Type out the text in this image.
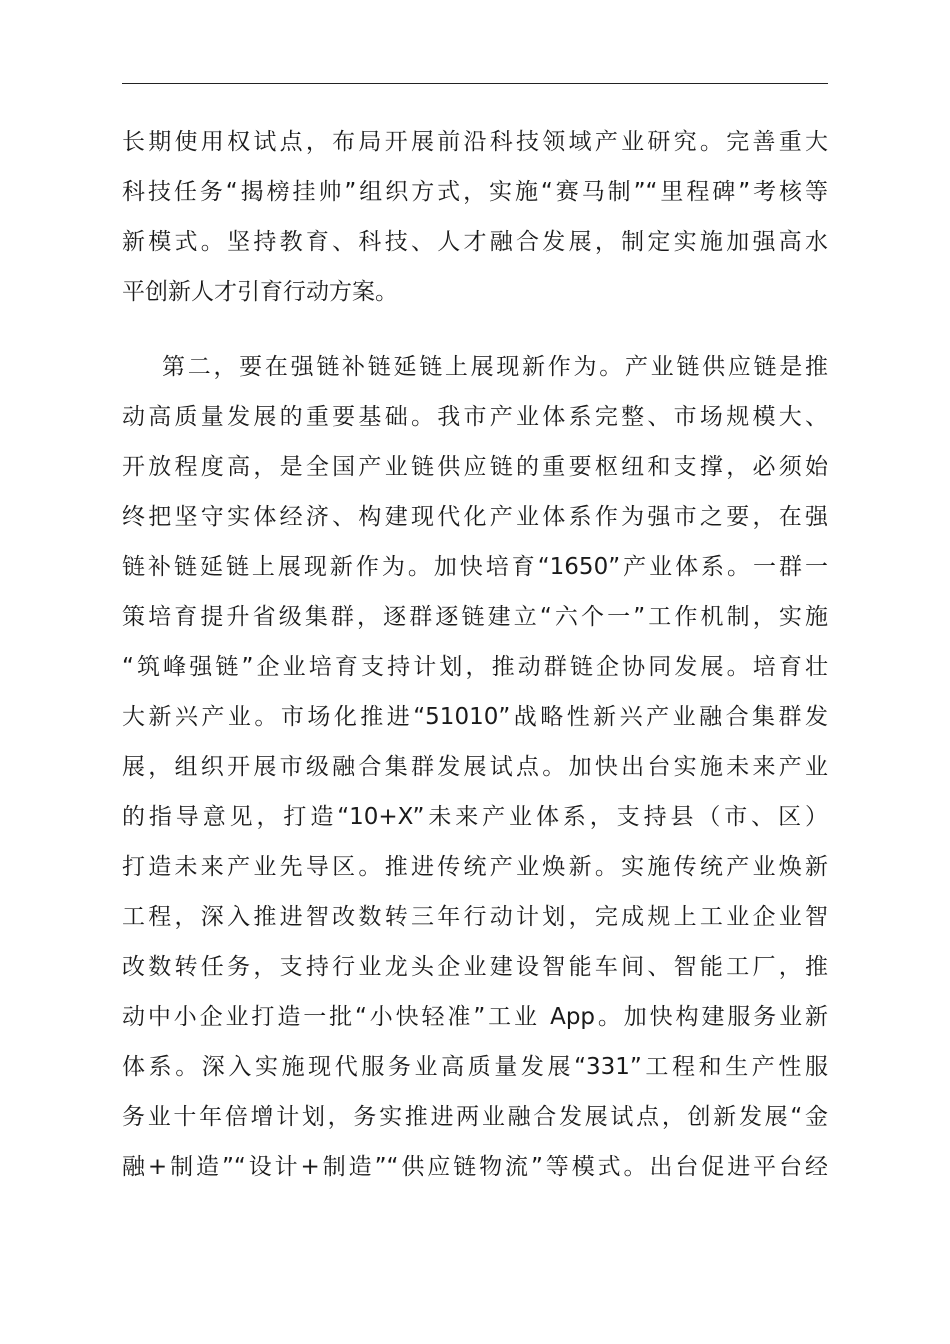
长期使用权试点，布局开展前沿科技领域产业研究。完善重大
科技任务“揭榜挂帅”组织方式，实施“赛马制”“里程碑”考核等
新模式。坚持教育、科技、人才融合发展，制定实施加强高水
平创新人才引育行动方案。
第二，要在强链补链延链上展现新作为。产业链供应链是推
动高质量发展的重要基础。我市产业体系完整、市场规模大、
开放程度高，是全国产业链供应链的重要枢纽和支撑，必须始
终把坚守实体经济、构建现代化产业体系作为强市之要，在强
链补链延链上展现新作为。加快培育“1650”产业体系。一群一
策培育提升省级集群，逐群逐链建立“六个一”工作机制，实施
“筑峰强链”企业培育支持计划，推动群链企协同发展。培育壮
大新兴产业。市场化推进“51010”战略性新兴产业融合集群发
展，组织开展市级融合集群发展试点。加快出台实施未来产业
的指导意见，打造“10+X”未来产业体系，支持县（市、区）
打造未来产业先导区。推进传统产业焕新。实施传统产业焕新
工程，深入推进智改数转三年行动计划，完成规上工业企业智
改数转任务，支持行业龙头企业建设智能车间、智能工厂，推
动中小企业打造一批“小快轻准”工业 App。加快构建服务业新
体系。深入实施现代服务业高质量发展“331”工程和生产性服
务业十年倍增计划，务实推进两业融合发展试点，创新发展“金
融+制造”“设计+制造”“供应链物流”等模式。出台促进平台经
